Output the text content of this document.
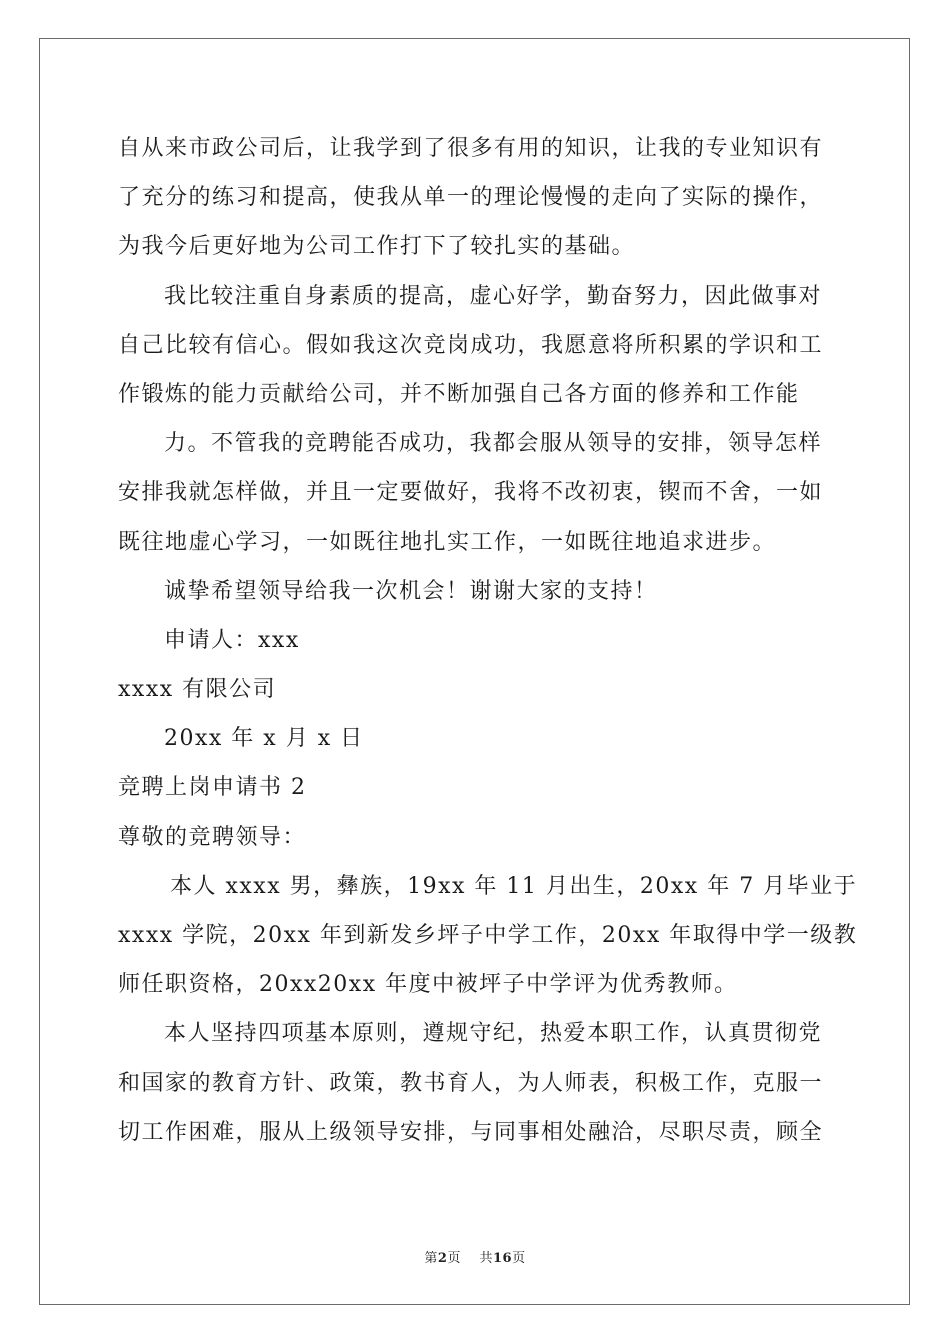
自从来市政公司后，让我学到了很多有用的知识，让我的专业知识有
了充分的练习和提高，使我从单一的理论慢慢的走向了实际的操作，
为我今后更好地为公司工作打下了较扎实的基础。
我比较注重自身素质的提高，虚心好学，勤奋努力，因此做事对
自己比较有信心。假如我这次竞岗成功，我愿意将所积累的学识和工
作锻炼的能力贡献给公司，并不断加强自己各方面的修养和工作能
力。不管我的竞聘能否成功，我都会服从领导的安排，领导怎样
安排我就怎样做，并且一定要做好，我将不改初衷，锲而不舍，一如
既往地虚心学习，一如既往地扎实工作，一如既往地追求进步。
诚挚希望领导给我一次机会！谢谢大家的支持！
申请人：xxx
xxxx 有限公司
20xx 年 x 月 x 日
竞聘上岗申请书 2
尊敬的竞聘领导：
本人 xxxx 男，彝族，19xx 年 11 月出生，20xx 年 7 月毕业于
xxxx 学院，20xx 年到新发乡坪子中学工作，20xx 年取得中学一级教
师任职资格，20xx20xx 年度中被坪子中学评为优秀教师。
本人坚持四项基本原则，遵规守纪，热爱本职工作，认真贯彻党
和国家的教育方针、政策，教书育人，为人师表，积极工作，克服一
切工作困难，服从上级领导安排，与同事相处融洽，尽职尽责，顾全
第2页 共16页
